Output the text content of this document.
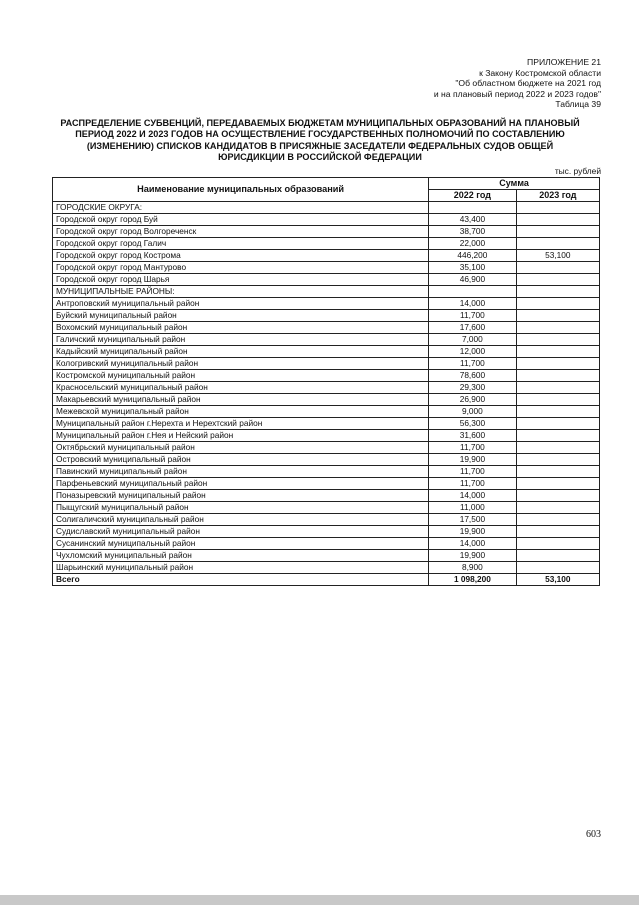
ПРИЛОЖЕНИЕ 21
к Закону Костромской области
"Об областном бюджете на 2021 год
и на плановый период 2022 и 2023 годов"
Таблица 39
РАСПРЕДЕЛЕНИЕ СУБВЕНЦИЙ, ПЕРЕДАВАЕМЫХ БЮДЖЕТАМ МУНИЦИПАЛЬНЫХ ОБРАЗОВАНИЙ НА ПЛАНОВЫЙ ПЕРИОД 2022 И 2023 ГОДОВ НА ОСУЩЕСТВЛЕНИЕ ГОСУДАРСТВЕННЫХ ПОЛНОМОЧИЙ ПО СОСТАВЛЕНИЮ (ИЗМЕНЕНИЮ) СПИСКОВ КАНДИДАТОВ В ПРИСЯЖНЫЕ ЗАСЕДАТЕЛИ ФЕДЕРАЛЬНЫХ СУДОВ ОБЩЕЙ ЮРИСДИКЦИИ В РОССИЙСКОЙ ФЕДЕРАЦИИ
тыс. рублей
Наименование муниципальных образований	Сумма	
	2022 год	2023 год
ГОРОДСКИЕ ОКРУГА:		
Городской округ город Буй	43,400	
Городской округ город Волгореченск	38,700	
Городской округ город Галич	22,000	
Городской округ город Кострома	446,200	53,100
Городской округ город Мантурово	35,100	
Городской округ город Шарья	46,900	
МУНИЦИПАЛЬНЫЕ РАЙОНЫ:		
Антроповский муниципальный район	14,000	
Буйский муниципальный район	11,700	
Вохомский муниципальный район	17,600	
Галичский муниципальный район	7,000	
Кадыйский муниципальный район	12,000	
Кологривский муниципальный район	11,700	
Костромской муниципальный район	78,600	
Красносельский муниципальный район	29,300	
Макарьевский муниципальный район	26,900	
Межевской муниципальный район	9,000	
Муниципальный район г.Нерехта и Нерехтский район	56,300	
Муниципальный район г.Нея и Нейский район	31,600	
Октябрьский муниципальный район	11,700	
Островский муниципальный район	19,900	
Павинский муниципальный район	11,700	
Парфеньевский муниципальный район	11,700	
Поназыревский муниципальный район	14,000	
Пыщугский муниципальный район	11,000	
Солигаличский муниципальный район	17,500	
Судиславский муниципальный район	19,900	
Сусанинский муниципальный район	14,000	
Чухломский муниципальный район	19,900	
Шарьинский муниципальный район	8,900	
Всего	1 098,200	53,100
603
